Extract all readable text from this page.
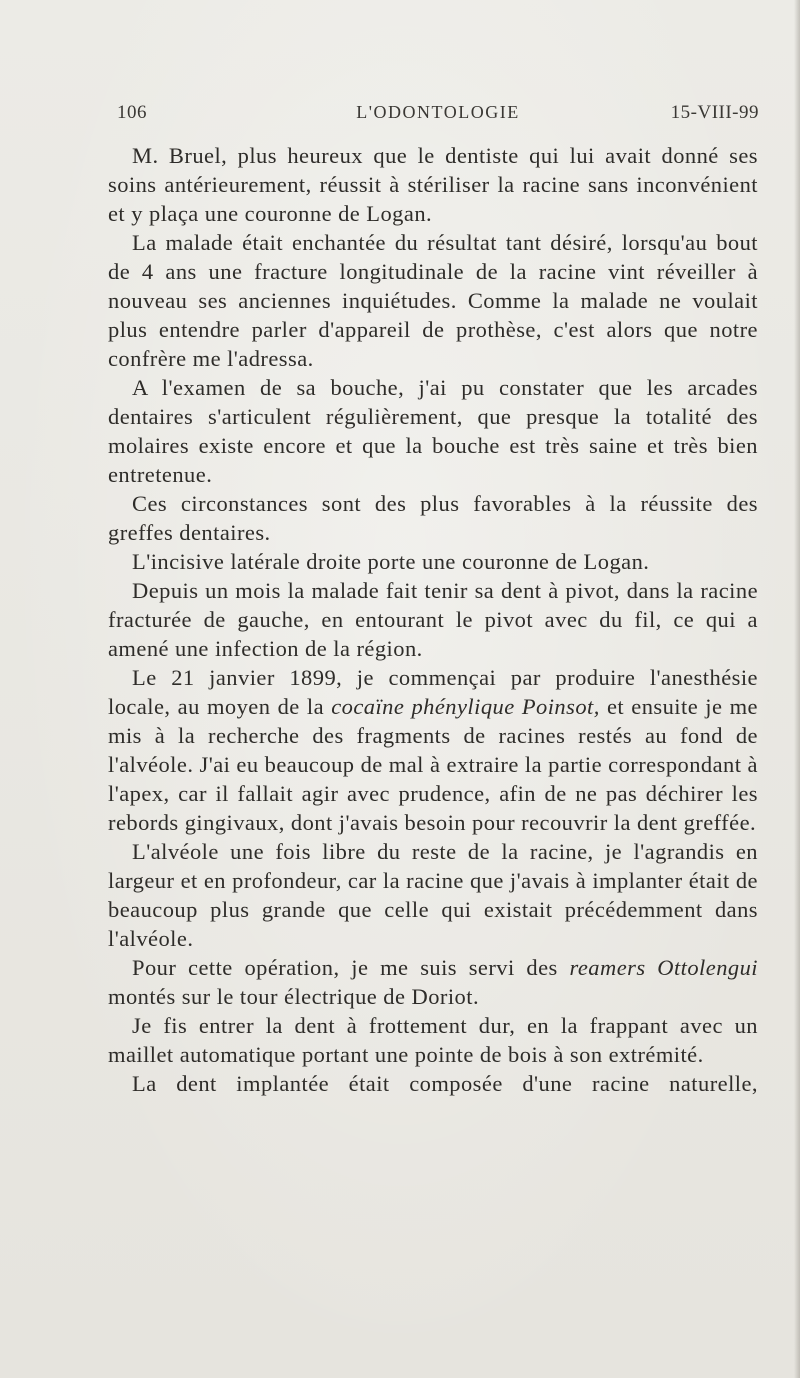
106	L'ODONTOLOGIE	15-VIII-99

M. Bruel, plus heureux que le dentiste qui lui avait donné ses soins antérieurement, réussit à stériliser la racine sans inconvénient et y plaça une couronne de Logan.

La malade était enchantée du résultat tant désiré, lorsqu'au bout de 4 ans une fracture longitudinale de la racine vint réveiller à nouveau ses anciennes inquiétudes. Comme la malade ne voulait plus entendre parler d'appareil de prothèse, c'est alors que notre confrère me l'adressa.

A l'examen de sa bouche, j'ai pu constater que les arcades dentaires s'articulent régulièrement, que presque la totalité des molaires existe encore et que la bouche est très saine et très bien entretenue.

Ces circonstances sont des plus favorables à la réussite des greffes dentaires.

L'incisive latérale droite porte une couronne de Logan.

Depuis un mois la malade fait tenir sa dent à pivot, dans la racine fracturée de gauche, en entourant le pivot avec du fil, ce qui a amené une infection de la région.

Le 21 janvier 1899, je commençai par produire l'anesthésie locale, au moyen de la cocaïne phénylique Poinsot, et ensuite je me mis à la recherche des fragments de racines restés au fond de l'alvéole. J'ai eu beaucoup de mal à extraire la partie correspondant à l'apex, car il fallait agir avec prudence, afin de ne pas déchirer les rebords gingivaux, dont j'avais besoin pour recouvrir la dent greffée.

L'alvéole une fois libre du reste de la racine, je l'agrandis en largeur et en profondeur, car la racine que j'avais à implanter était de beaucoup plus grande que celle qui existait précédemment dans l'alvéole.

Pour cette opération, je me suis servi des reamers Ottolengui montés sur le tour électrique de Doriot.

Je fis entrer la dent à frottement dur, en la frappant avec un maillet automatique portant une pointe de bois à son extrémité.

La dent implantée était composée d'une racine naturelle,
